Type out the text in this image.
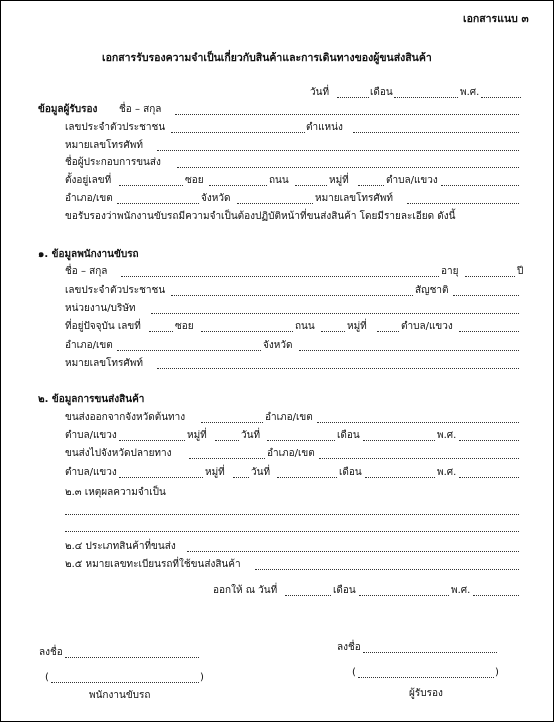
เอกสารแนบ ๓
เอกสารรับรองความจำเป็นเกี่ยวกับสินค้าและการเดินทางของผู้ขนส่งสินค้า
วันที่	เดือน	พ.ศ.
ข้อมูลผู้รับรอง ชื่อ – สกุล
เลขประจำตัวประชาชน	ตำแหน่ง
หมายเลขโทรศัพท์
ชื่อผู้ประกอบการขนส่ง
ตั้งอยู่เลขที่	ซอย	ถนน	หมู่ที่	ตำบล/แขวง
อำเภอ/เขต	จังหวัด	หมายเลขโทรศัพท์
ขอรับรองว่าพนักงานขับรถมีความจำเป็นต้องปฏิบัติหน้าที่ขนส่งสินค้า โดยมีรายละเอียด ดังนี้
๑. ข้อมูลพนักงานขับรถ
ชื่อ – สกุล	อายุ	ปี
เลขประจำตัวประชาชน	สัญชาติ
หน่วยงาน/บริษัท
ที่อยู่ปัจจุบัน เลขที่	ซอย	ถนน	หมู่ที่	ตำบล/แขวง
อำเภอ/เขต	จังหวัด
หมายเลขโทรศัพท์
๒. ข้อมูลการขนส่งสินค้า
ขนส่งออกจากจังหวัดต้นทาง	อำเภอ/เขต
ตำบล/แขวง	หมู่ที่	วันที่	เดือน	พ.ศ.
ขนส่งไปจังหวัดปลายทาง	อำเภอ/เขต
ตำบล/แขวง	หมู่ที่	วันที่	เดือน	พ.ศ.
๒.๓ เหตุผลความจำเป็น
๒.๔ ประเภทสินค้าที่ขนส่ง
๒.๕ หมายเลขทะเบียนรถที่ใช้ขนส่งสินค้า
ออกให้ ณ วันที่	เดือน	พ.ศ.
ลงชื่อ	ลงชื่อ
(	)	(	)
พนักงานขับรถ	ผู้รับรอง
